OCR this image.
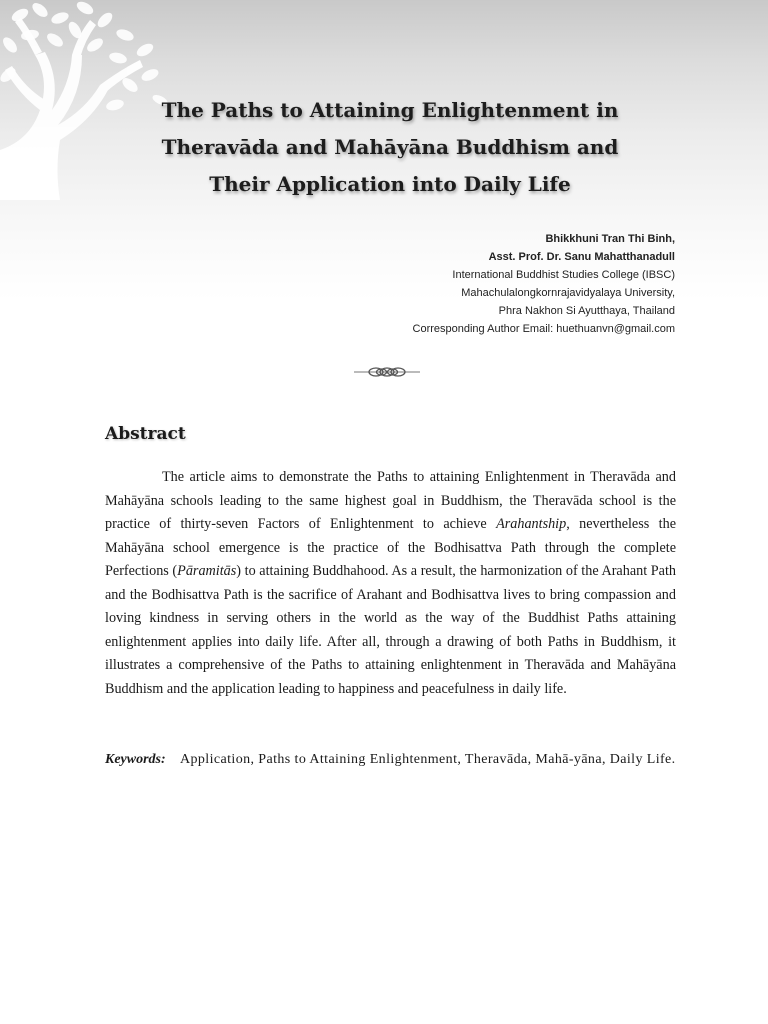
The Paths to Attaining Enlightenment in
Theravāda and Mahāyāna Buddhism and
Their Application into Daily Life
Bhikkhuni Tran Thi Binh,
Asst. Prof. Dr. Sanu Mahatthanadull
International Buddhist Studies College (IBSC)
Mahachulalongkornrajavidyalaya University,
Phra Nakhon Si Ayutthaya, Thailand
Corresponding Author Email: huethuanvn@gmail.com
Abstract
The article aims to demonstrate the Paths to attaining Enlightenment in Theravāda and Mahāyāna schools leading to the same highest goal in Buddhism, the Theravāda school is the practice of thirty-seven Factors of Enlightenment to achieve Arahantship, nevertheless the Mahāyāna school emergence is the practice of the Bodhisattva Path through the complete Perfections (Pāramitās) to attaining Buddhahood. As a result, the harmonization of the Arahant Path and the Bodhisattva Path is the sacrifice of Arahant and Bodhisattva lives to bring compassion and loving kindness in serving others in the world as the way of the Buddhist Paths attaining enlightenment applies into daily life. After all, through a drawing of both Paths in Buddhism, it illustrates a comprehensive of the Paths to attaining enlightenment in Theravāda and Mahāyāna Buddhism and the application leading to happiness and peacefulness in daily life.
Keywords: Application, Paths to Attaining Enlightenment, Theravāda, Mahā-yāna, Daily Life.
